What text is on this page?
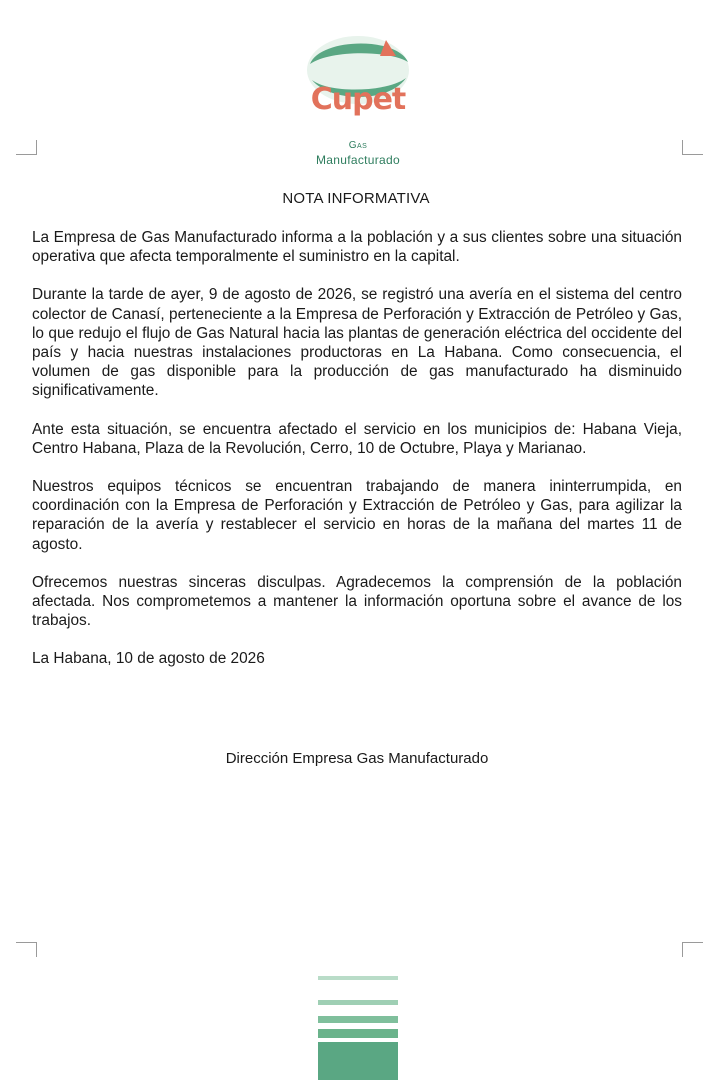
Cupet
Gas
Manufacturado
NOTA INFORMATIVA

La Empresa de Gas Manufacturado informa a la población y a sus clientes sobre una situación operativa que afecta temporalmente el suministro en la capital.

Durante la tarde de ayer, 9 de agosto de 2026, se registró una avería en el sistema del centro colector de Canasí, perteneciente a la Empresa de Perforación y Extracción de Petróleo y Gas, lo que redujo el flujo de Gas Natural hacia las plantas de generación eléctrica del occidente del país y hacia nuestras instalaciones productoras en La Habana. Como consecuencia, el volumen de gas disponible para la producción de gas manufacturado ha disminuido significativamente.

Ante esta situación, se encuentra afectado el servicio en los municipios de: Habana Vieja, Centro Habana, Plaza de la Revolución, Cerro, 10 de Octubre, Playa y Marianao.

Nuestros equipos técnicos se encuentran trabajando de manera ininterrumpida, en coordinación con la Empresa de Perforación y Extracción de Petróleo y Gas, para agilizar la reparación de la avería y restablecer el servicio en horas de la mañana del martes 11 de agosto.

Ofrecemos nuestras sinceras disculpas. Agradecemos la comprensión de la población afectada. Nos comprometemos a mantener la información oportuna sobre el avance de los trabajos.

La Habana, 10 de agosto de 2026

Dirección Empresa Gas Manufacturado
